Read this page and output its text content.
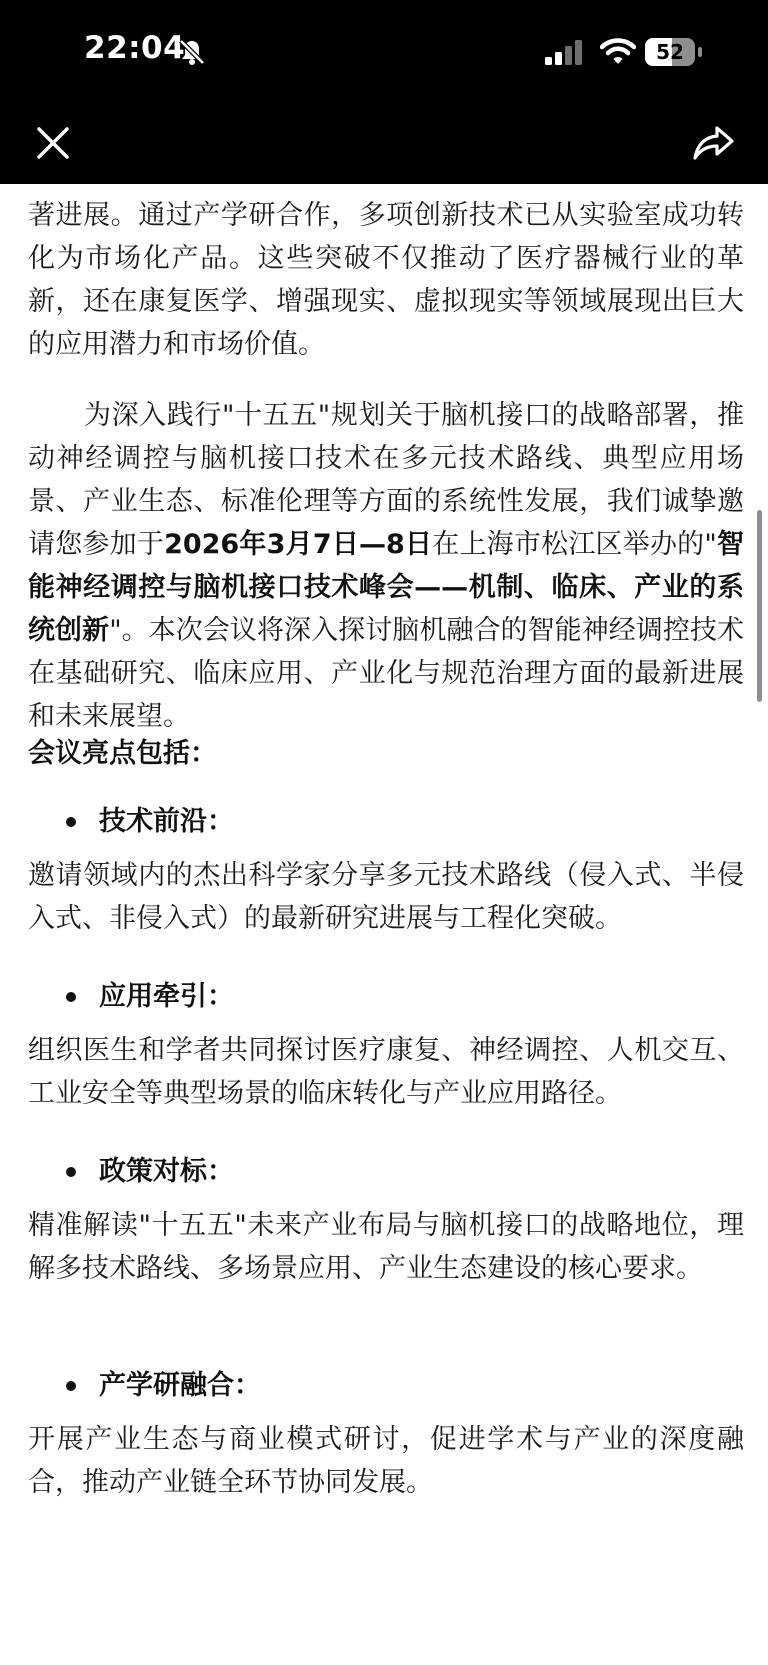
22:04	52

著进展。通过产学研合作，多项创新技术已从实验室成功转化为市场化产品。这些突破不仅推动了医疗器械行业的革新，还在康复医学、增强现实、虚拟现实等领域展现出巨大的应用潜力和市场价值。

为深入践行"十五五"规划关于脑机接口的战略部署，推动神经调控与脑机接口技术在多元技术路线、典型应用场景、产业生态、标准伦理等方面的系统性发展，我们诚挚邀请您参加于2026年3月7日—8日在上海市松江区举办的"智能神经调控与脑机接口技术峰会——机制、临床、产业的系统创新"。本次会议将深入探讨脑机融合的智能神经调控技术在基础研究、临床应用、产业化与规范治理方面的最新进展和未来展望。

会议亮点包括：

技术前沿：

邀请领域内的杰出科学家分享多元技术路线（侵入式、半侵入式、非侵入式）的最新研究进展与工程化突破。

应用牵引：

组织医生和学者共同探讨医疗康复、神经调控、人机交互、工业安全等典型场景的临床转化与产业应用路径。

政策对标：

精准解读"十五五"未来产业布局与脑机接口的战略地位，理解多技术路线、多场景应用、产业生态建设的核心要求。

产学研融合：

开展产业生态与商业模式研讨，促进学术与产业的深度融合，推动产业链全环节协同发展。
